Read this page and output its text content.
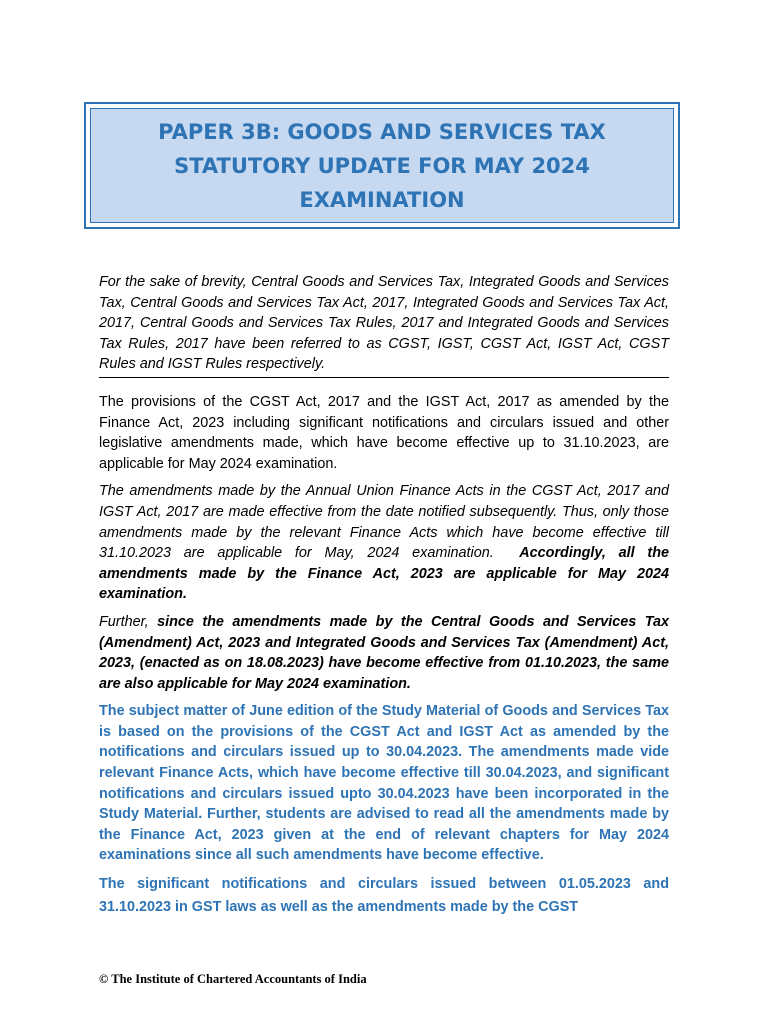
PAPER 3B: GOODS AND SERVICES TAX
STATUTORY UPDATE FOR MAY 2024
EXAMINATION

For the sake of brevity, Central Goods and Services Tax, Integrated Goods and Services Tax, Central Goods and Services Tax Act, 2017, Integrated Goods and Services Tax Act, 2017, Central Goods and Services Tax Rules, 2017 and Integrated Goods and Services Tax Rules, 2017 have been referred to as CGST, IGST, CGST Act, IGST Act, CGST Rules and IGST Rules respectively.

The provisions of the CGST Act, 2017 and the IGST Act, 2017 as amended by the Finance Act, 2023 including significant notifications and circulars issued and other legislative amendments made, which have become effective up to 31.10.2023, are applicable for May 2024 examination.

The amendments made by the Annual Union Finance Acts in the CGST Act, 2017 and IGST Act, 2017 are made effective from the date notified subsequently. Thus, only those amendments made by the relevant Finance Acts which have become effective till 31.10.2023 are applicable for May, 2024 examination. Accordingly, all the amendments made by the Finance Act, 2023 are applicable for May 2024 examination.

Further, since the amendments made by the Central Goods and Services Tax (Amendment) Act, 2023 and Integrated Goods and Services Tax (Amendment) Act, 2023, (enacted as on 18.08.2023) have become effective from 01.10.2023, the same are also applicable for May 2024 examination.

The subject matter of June edition of the Study Material of Goods and Services Tax is based on the provisions of the CGST Act and IGST Act as amended by the notifications and circulars issued up to 30.04.2023. The amendments made vide relevant Finance Acts, which have become effective till 30.04.2023, and significant notifications and circulars issued upto 30.04.2023 have been incorporated in the Study Material. Further, students are advised to read all the amendments made by the Finance Act, 2023 given at the end of relevant chapters for May 2024 examinations since all such amendments have become effective.

The significant notifications and circulars issued between 01.05.2023 and 31.10.2023 in GST laws as well as the amendments made by the CGST

© The Institute of Chartered Accountants of India
